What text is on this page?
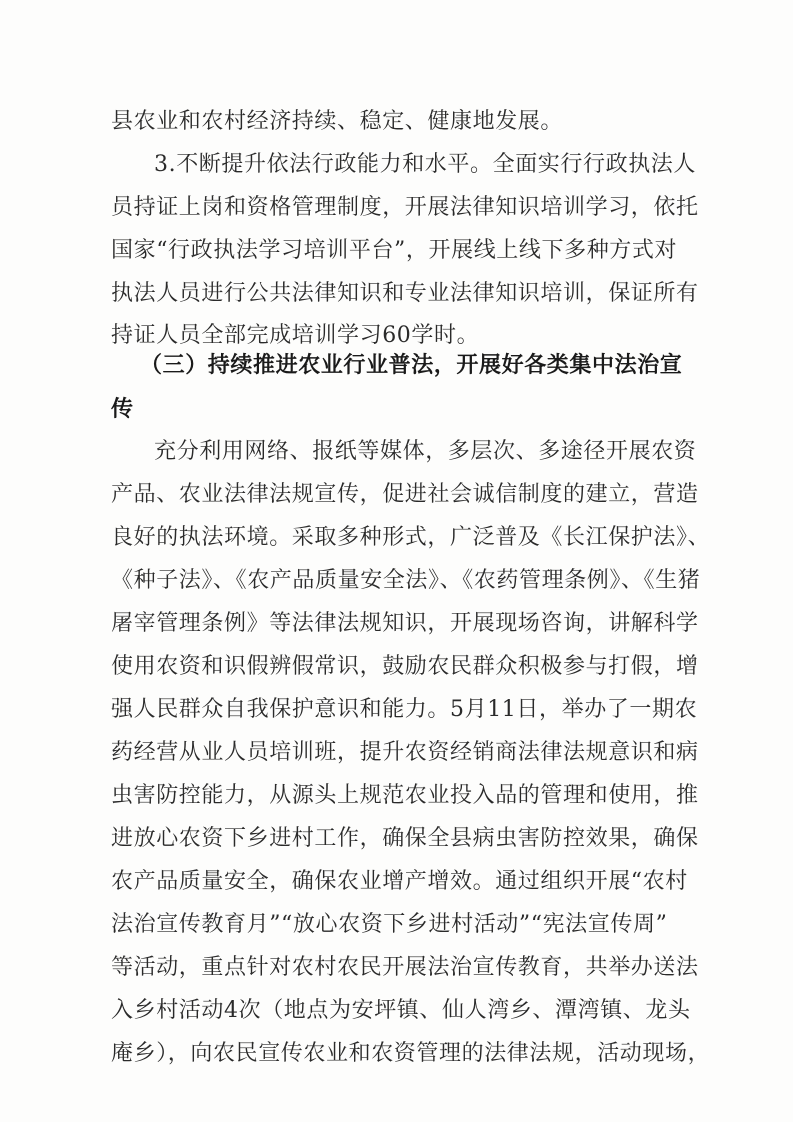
县农业和农村经济持续、稳定、健康地发展。
3.不断提升依法行政能力和水平。全面实行行政执法人
员持证上岗和资格管理制度，开展法律知识培训学习，依托
国家“行政执法学习培训平台”，开展线上线下多种方式对
执法人员进行公共法律知识和专业法律知识培训，保证所有
持证人员全部完成培训学习60学时。
（三）持续推进农业行业普法，开展好各类集中法治宣
传
充分利用网络、报纸等媒体，多层次、多途径开展农资
产品、农业法律法规宣传，促进社会诚信制度的建立，营造
良好的执法环境。采取多种形式，广泛普及《长江保护法》、
《种子法》、《农产品质量安全法》、《农药管理条例》、《生猪
屠宰管理条例》等法律法规知识，开展现场咨询，讲解科学
使用农资和识假辨假常识，鼓励农民群众积极参与打假，增
强人民群众自我保护意识和能力。5月11日，举办了一期农
药经营从业人员培训班，提升农资经销商法律法规意识和病
虫害防控能力，从源头上规范农业投入品的管理和使用，推
进放心农资下乡进村工作，确保全县病虫害防控效果，确保
农产品质量安全，确保农业增产增效。通过组织开展“农村
法治宣传教育月”“放心农资下乡进村活动”“宪法宣传周”
等活动，重点针对农村农民开展法治宣传教育，共举办送法
入乡村活动4次（地点为安坪镇、仙人湾乡、潭湾镇、龙头
庵乡），向农民宣传农业和农资管理的法律法规，活动现场，
